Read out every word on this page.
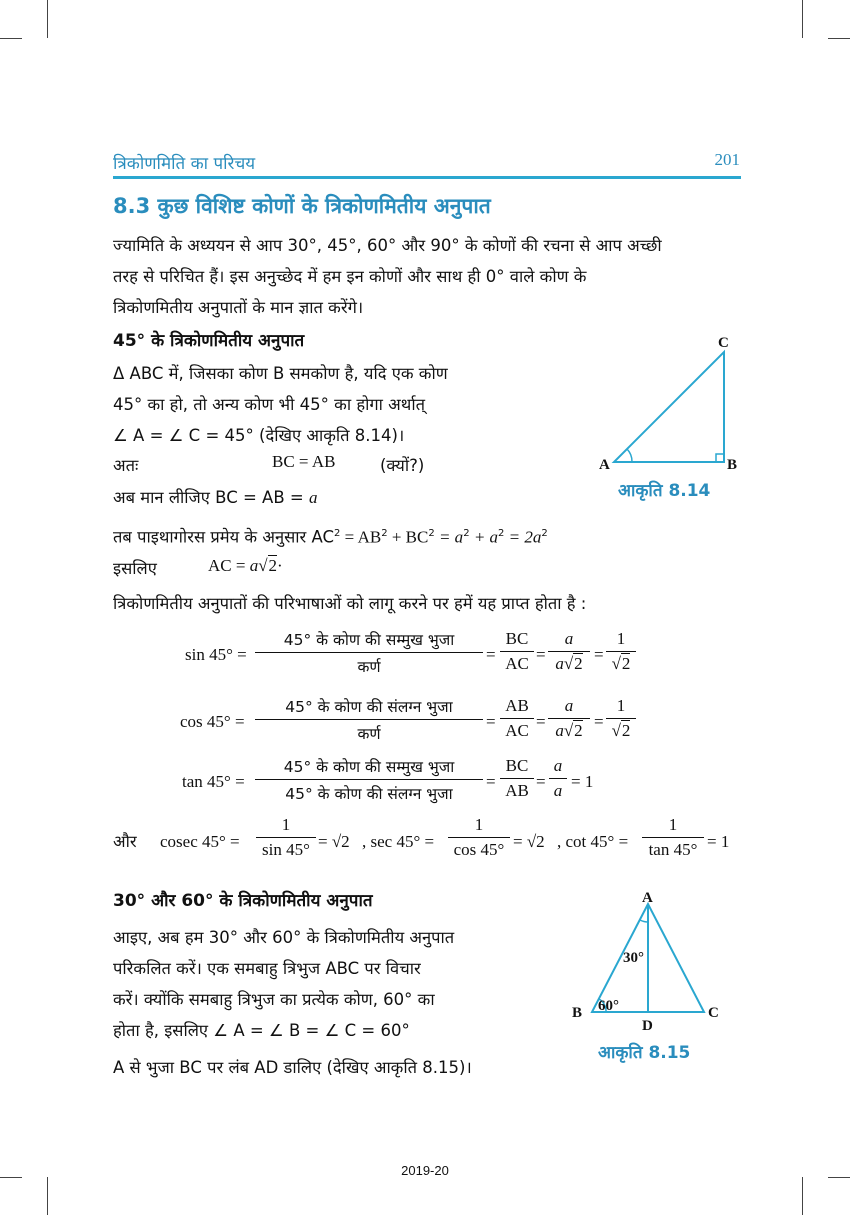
त्रिकोणमिति का परिचय	201
8.3 कुछ विशिष्ट कोणों के त्रिकोणमितीय अनुपात
ज्यामिति के अध्ययन से आप 30°, 45°, 60° और 90° के कोणों की रचना से आप अच्छी
तरह से परिचित हैं। इस अनुच्छेद में हम इन कोणों और साथ ही 0° वाले कोण के
त्रिकोणमितीय अनुपातों के मान ज्ञात करेंगे।
45° के त्रिकोणमितीय अनुपात
Δ ABC में, जिसका कोण B समकोण है, यदि एक कोण
45° का हो, तो अन्य कोण भी 45° का होगा अर्थात्
∠ A = ∠ C = 45° (देखिए आकृति 8.14)।
अतः	BC = AB	(क्यों?)
अब मान लीजिए BC = AB = a
तब पाइथागोरस प्रमेय के अनुसार $AC^2 = AB^2 + BC^2 = a^2 + a^2 = 2a^2$
इसलिए	AC = a√2·
त्रिकोणमितीय अनुपातों की परिभाषाओं को लागू करने पर हमें यह प्राप्त होता है :
sin 45° =
45° के कोण की सम्मुख भुजा
कर्ण
= $\frac{BC}{AC} = \frac{a}{a√2} = \frac{1}{√2}$
cos 45° =
45° के कोण की संलग्न भुजा
कर्ण
= $\frac{AB}{AC} = \frac{a}{a√2} = \frac{1}{√2}$
tan 45° =
45° के कोण की सम्मुख भुजा
45° के कोण की संलग्न भुजा
= $\frac{BC}{AB} = \frac{a}{a} = 1$
और cosec $45^\circ = \frac{1}{\sin 45^\circ} = √2$ , $\sec 45^\circ = \frac{1}{\cos 45^\circ} = √2$ , $\cot 45^\circ = \frac{1}{\tan 45^\circ} = 1$
30° और 60° के त्रिकोणमितीय अनुपात
आइए, अब हम 30° और 60° के त्रिकोणमितीय अनुपात
परिकलित करें। एक समबाहु त्रिभुज ABC पर विचार
करें। क्योंकि समबाहु त्रिभुज का प्रत्येक कोण, 60° का
होता है, इसलिए ∠ A = ∠ B = ∠ C = 60°
A से भुजा BC पर लंब AD डालिए (देखिए आकृति 8.15)।
C
A	B
आकृति 8.14
A
B	C
D
30°
60°
आकृति 8.15
2019-20
